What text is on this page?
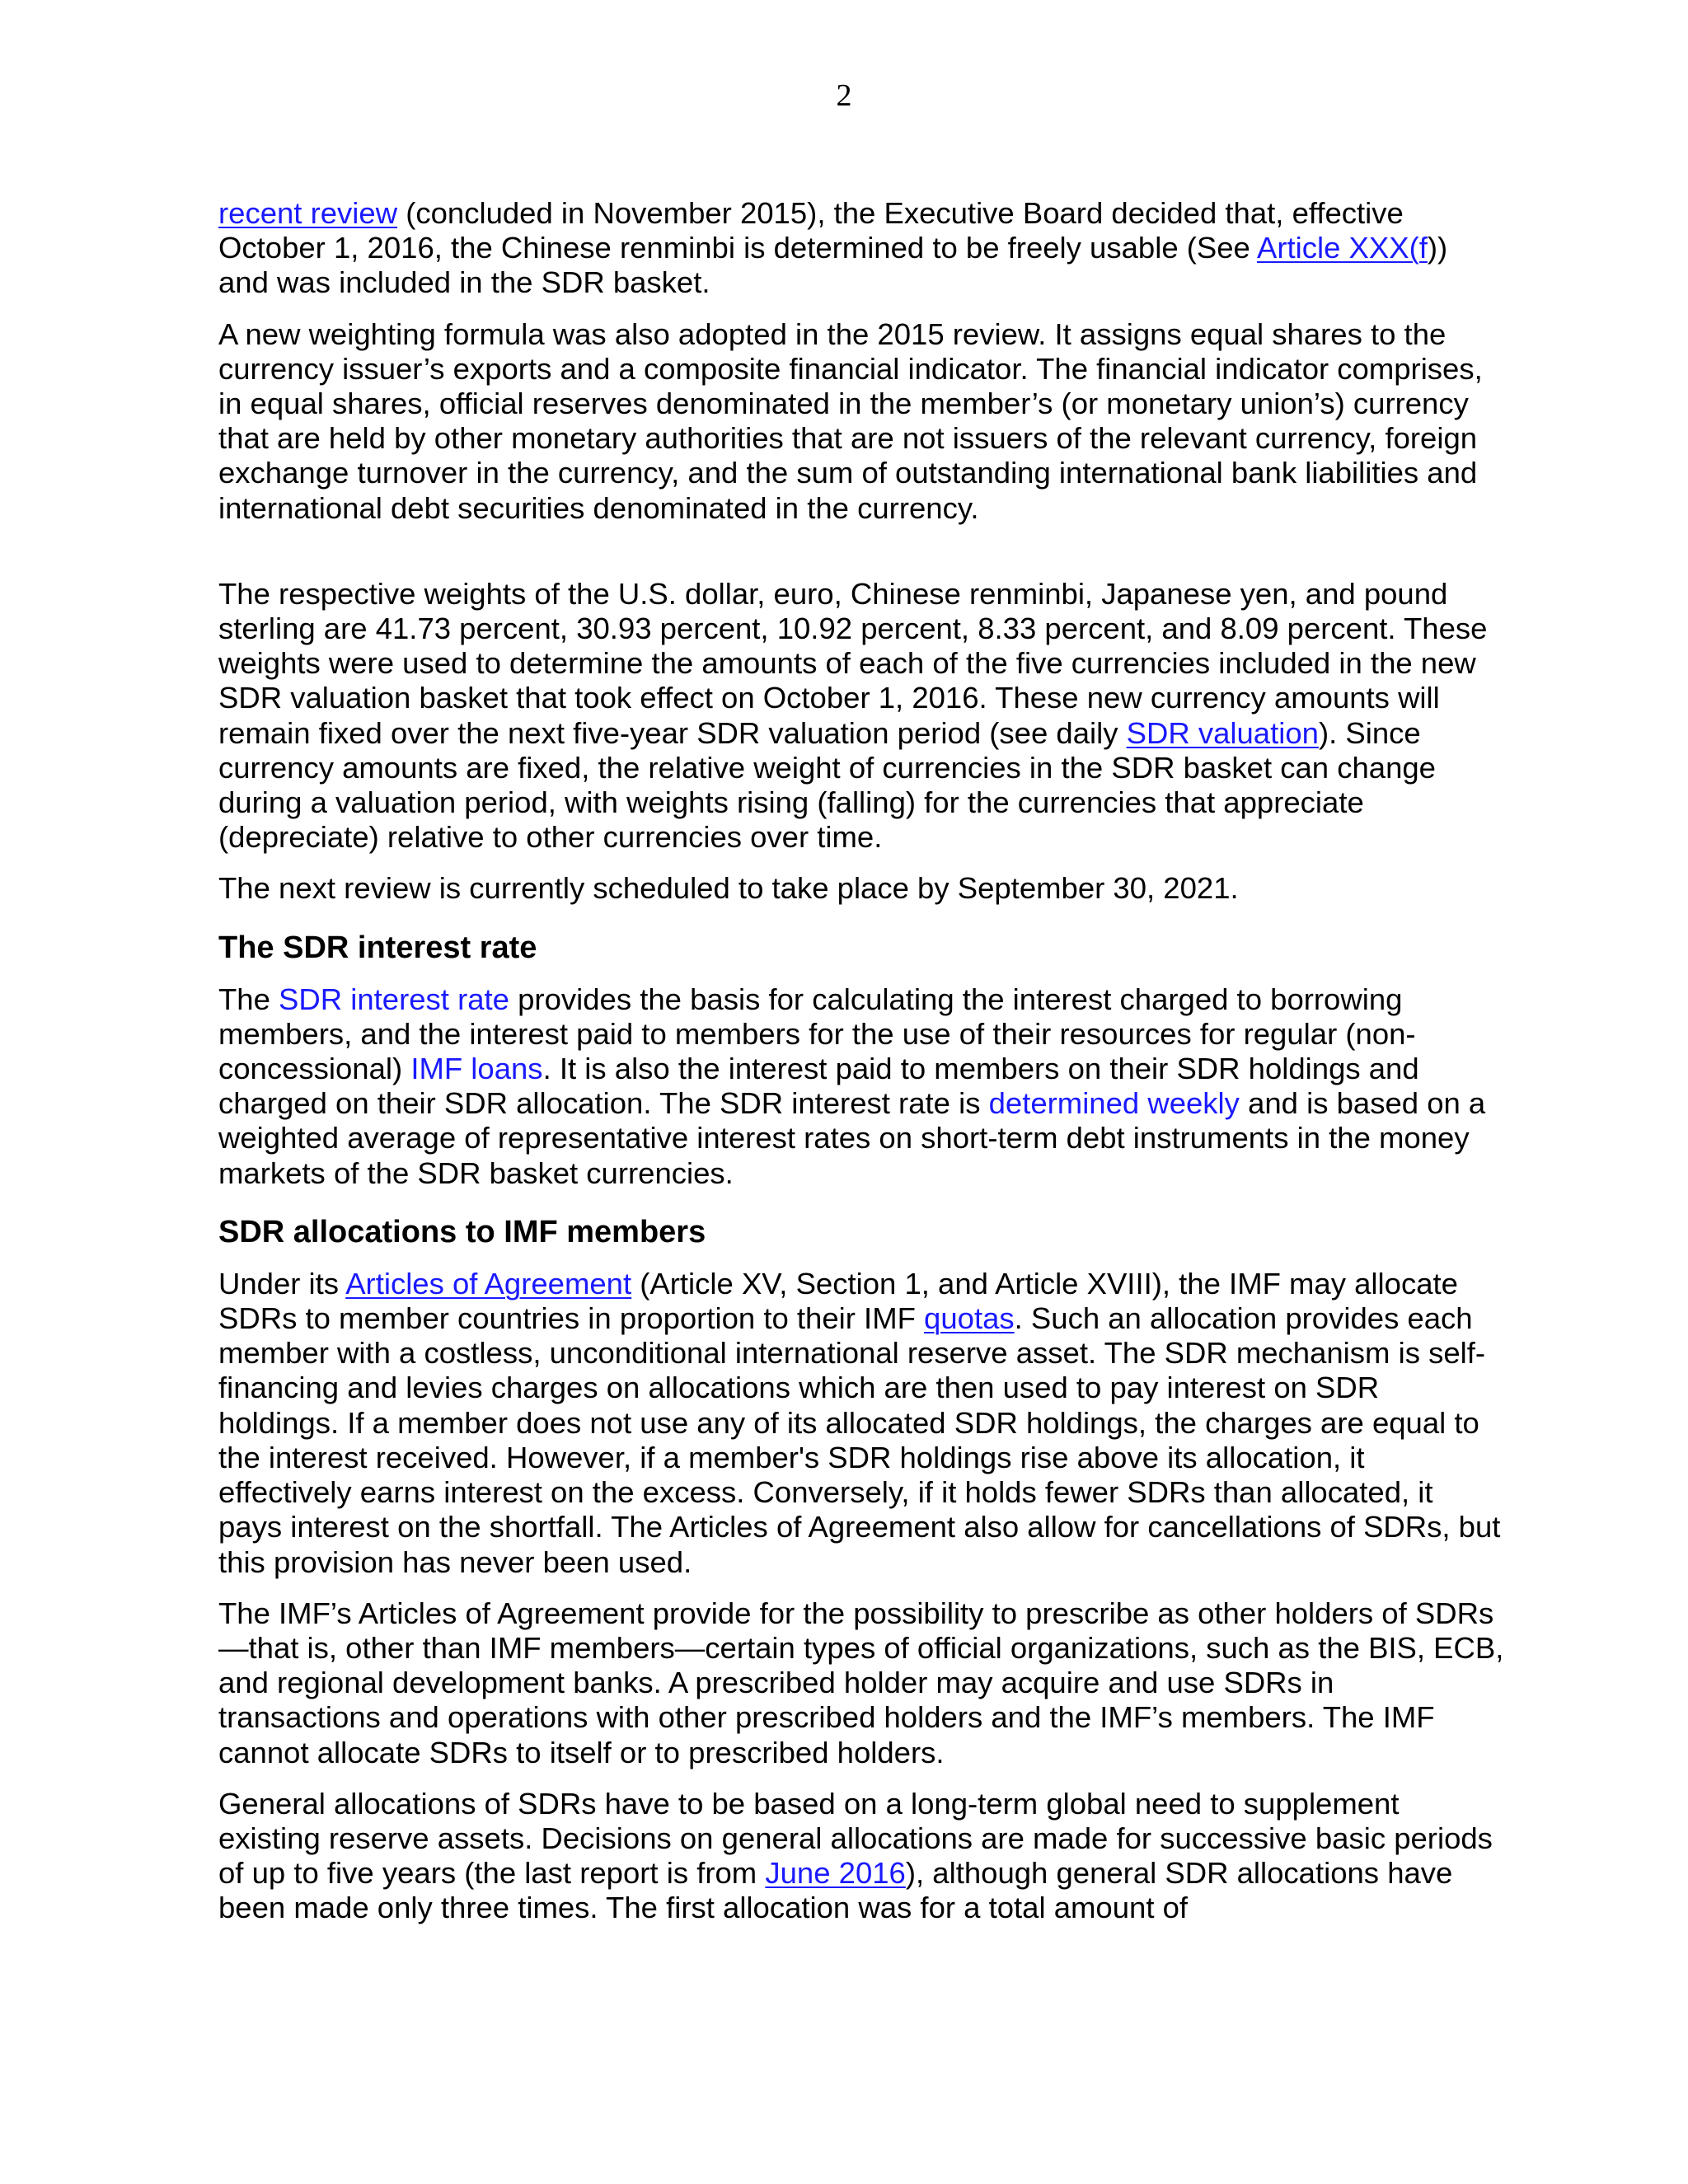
2

recent review (concluded in November 2015), the Executive Board decided that, effective October 1, 2016, the Chinese renminbi is determined to be freely usable (See Article XXX(f)) and was included in the SDR basket.

A new weighting formula was also adopted in the 2015 review. It assigns equal shares to the currency issuer’s exports and a composite financial indicator. The financial indicator comprises, in equal shares, official reserves denominated in the member’s (or monetary union’s) currency that are held by other monetary authorities that are not issuers of the relevant currency, foreign exchange turnover in the currency, and the sum of outstanding international bank liabilities and international debt securities denominated in the currency.

The respective weights of the U.S. dollar, euro, Chinese renminbi, Japanese yen, and pound sterling are 41.73 percent, 30.93 percent, 10.92 percent, 8.33 percent, and 8.09 percent. These weights were used to determine the amounts of each of the five currencies included in the new SDR valuation basket that took effect on October 1, 2016. These new currency amounts will remain fixed over the next five-year SDR valuation period (see daily SDR valuation). Since currency amounts are fixed, the relative weight of currencies in the SDR basket can change during a valuation period, with weights rising (falling) for the currencies that appreciate (depreciate) relative to other currencies over time.

The next review is currently scheduled to take place by September 30, 2021.

The SDR interest rate

The SDR interest rate provides the basis for calculating the interest charged to borrowing members, and the interest paid to members for the use of their resources for regular (non-concessional) IMF loans. It is also the interest paid to members on their SDR holdings and charged on their SDR allocation. The SDR interest rate is determined weekly and is based on a weighted average of representative interest rates on short-term debt instruments in the money markets of the SDR basket currencies.

SDR allocations to IMF members

Under its Articles of Agreement (Article XV, Section 1, and Article XVIII), the IMF may allocate SDRs to member countries in proportion to their IMF quotas. Such an allocation provides each member with a costless, unconditional international reserve asset. The SDR mechanism is self-financing and levies charges on allocations which are then used to pay interest on SDR holdings. If a member does not use any of its allocated SDR holdings, the charges are equal to the interest received. However, if a member's SDR holdings rise above its allocation, it effectively earns interest on the excess. Conversely, if it holds fewer SDRs than allocated, it pays interest on the shortfall. The Articles of Agreement also allow for cancellations of SDRs, but this provision has never been used.

The IMF’s Articles of Agreement provide for the possibility to prescribe as other holders of SDRs—that is, other than IMF members—certain types of official organizations, such as the BIS, ECB, and regional development banks. A prescribed holder may acquire and use SDRs in transactions and operations with other prescribed holders and the IMF’s members. The IMF cannot allocate SDRs to itself or to prescribed holders.

General allocations of SDRs have to be based on a long-term global need to supplement existing reserve assets. Decisions on general allocations are made for successive basic periods of up to five years (the last report is from June 2016), although general SDR allocations have been made only three times. The first allocation was for a total amount of
